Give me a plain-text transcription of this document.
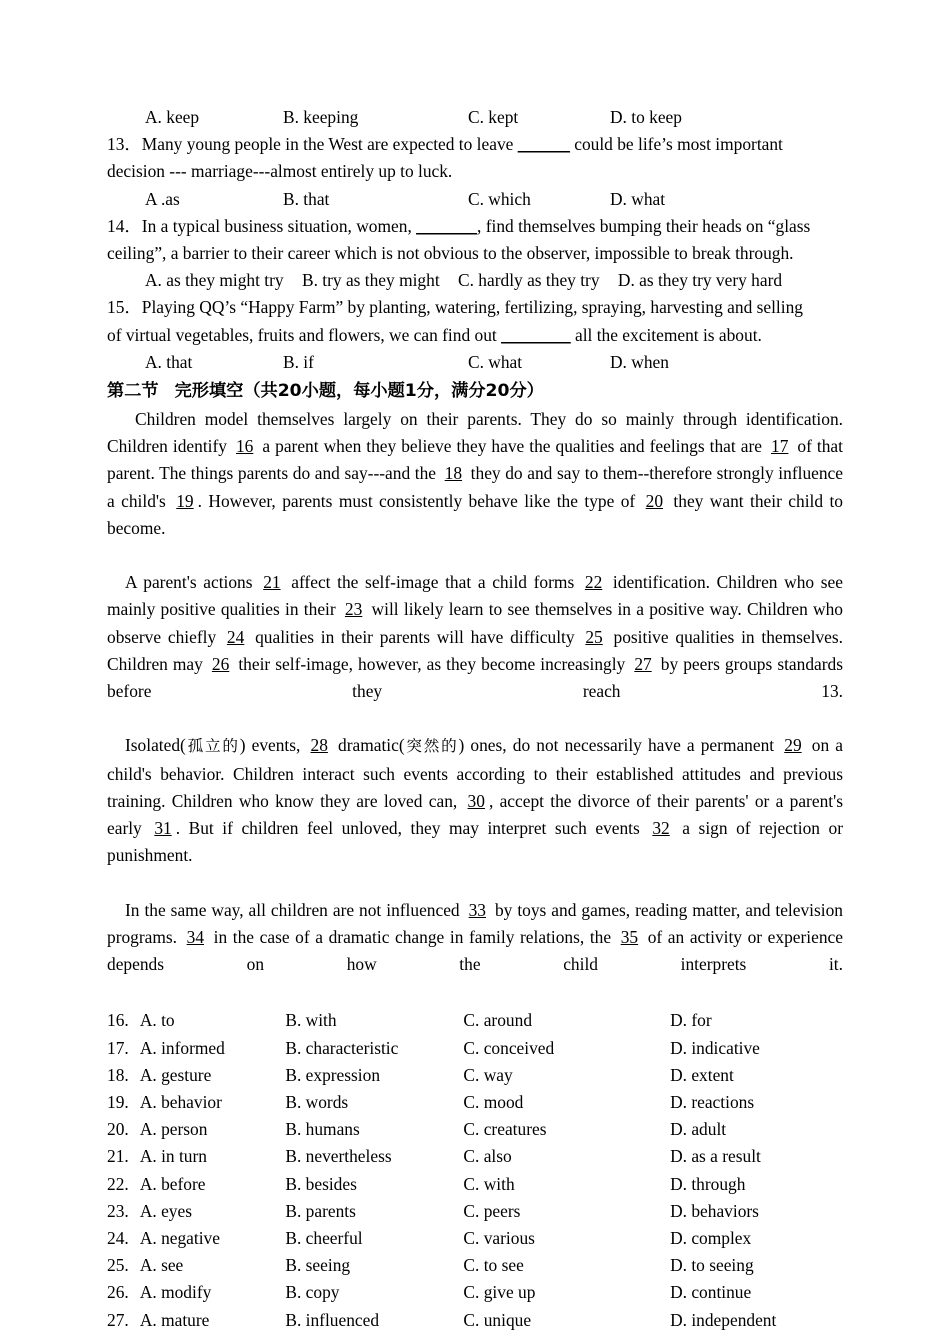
A. keep	B. keeping	C. kept	D. to keep
13．Many young people in the West are expected to leave ______ could be life’s most important
decision --- marriage---almost entirely up to luck.
A .as	B. that	C. which	D. what
14．In a typical business situation, women, _______, find themselves bumping their heads on “glass
ceiling”, a barrier to their career which is not obvious to the observer, impossible to break through.
A. as they might try B. try as they might C. hardly as they try D. as they try very hard
15．Playing QQ’s “Happy Farm” by planting, watering, fertilizing, spraying, harvesting and selling
of virtual vegetables, fruits and flowers, we can find out ________ all the excitement is about.
A. that	B. if	C. what	D. when
第二节 完形填空（共20小题，每小题1分，满分20分）

Children model themselves largely on their parents. They do so mainly through identification. Children identify 16 a parent when they believe they have the qualities and feelings that are 17 of that parent. The things parents do and say---and the 18 they do and say to them--therefore strongly influence a child's 19 . However, parents must consistently behave like the type of 20 they want their child to become.

A parent's actions 21 affect the self-image that a child forms 22 identification. Children who see mainly positive qualities in their 23 will likely learn to see themselves in a positive way. Children who observe chiefly 24 qualities in their parents will have difficulty 25 positive qualities in themselves. Children may 26 their self-image, however, as they become increasingly 27 by peers groups standards before they reach 13.

Isolated(孤立的) events, 28 dramatic(突然的) ones, do not necessarily have a permanent 29 on a child's behavior. Children interact such events according to their established attitudes and previous training. Children who know they are loved can, 30 , accept the divorce of their parents' or a parent's early 31 . But if children feel unloved, they may interpret such events 32 a sign of rejection or punishment.

In the same way, all children are not influenced 33 by toys and games, reading matter, and television programs. 34 in the case of a dramatic change in family relations, the 35 of an activity or experience depends on how the child interprets it.

16.	A. to	B. with	C. around	D. for
17.	A. informed	B. characteristic	C. conceived	D. indicative
18.	A. gesture	B. expression	C. way	D. extent
19.	A. behavior	B. words	C. mood	D. reactions
20.	A. person	B. humans	C. creatures	D. adult
21.	A. in turn	B. nevertheless	C. also	D. as a result
22.	A. before	B. besides	C. with	D. through
23.	A. eyes	B. parents	C. peers	D. behaviors
24.	A. negative	B. cheerful	C. various	D. complex
25.	A. see	B. seeing	C. to see	D. to seeing
26.	A. modify	B. copy	C. give up	D. continue
27.	A. mature	B. influenced	C. unique	D. independent
